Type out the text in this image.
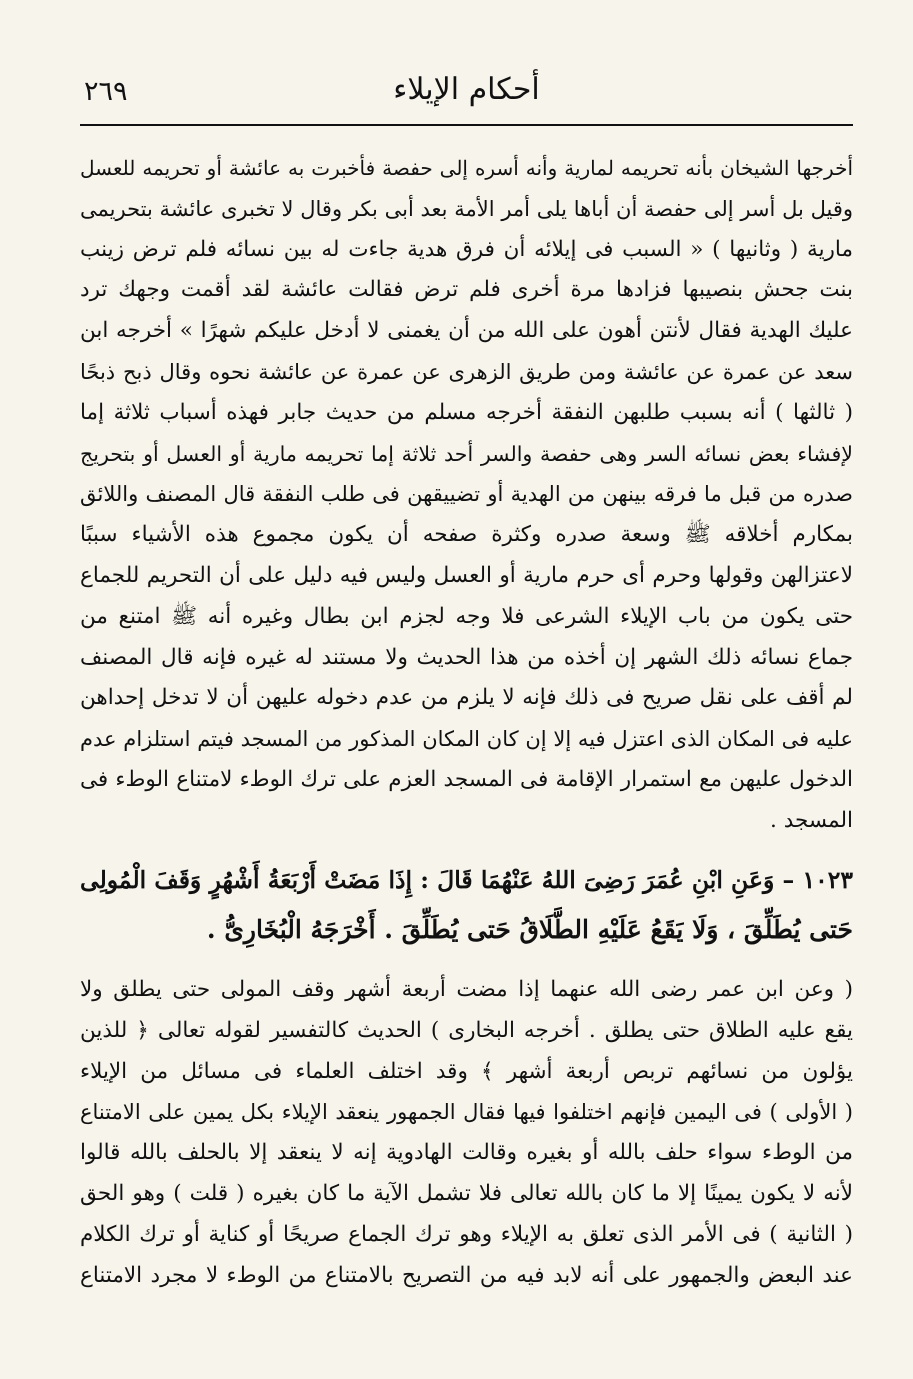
٢٦٩	أحكام الإيلاء
أخرجها الشيخان بأنه تحريمه لمارية وأنه أسره إلى حفصة فأخبرت به عائشة أو تحريمه للعسل
وقيل بل أسر إلى حفصة أن أباها يلى أمر الأمة بعد أبى بكر وقال لا تخبرى عائشة بتحريمى
مارية ( وثانيها ) « السبب فى إيلائه أن فرق هدية جاءت له بين نسائه فلم ترض زينب
بنت جحش بنصيبها فزادها مرة أخرى فلم ترض فقالت عائشة لقد أقمت وجهك ترد
عليك الهدية فقال لأنتن أهون على الله من أن يغمنى لا أدخل عليكم شهرًا » أخرجه ابن
سعد عن عمرة عن عائشة ومن طريق الزهرى عن عمرة عن عائشة نحوه وقال ذبح ذبحًا
( ثالثها ) أنه بسبب طلبهن النفقة أخرجه مسلم من حديث جابر فهذه أسباب ثلاثة إما
لإفشاء بعض نسائه السر وهى حفصة والسر أحد ثلاثة إما تحريمه مارية أو العسل أو بتحريج
صدره من قبل ما فرقه بينهن من الهدية أو تضييقهن فى طلب النفقة قال المصنف واللائق
بمكارم أخلاقه ﷺ وسعة صدره وكثرة صفحه أن يكون مجموع هذه الأشياء سببًا
لاعتزالهن وقولها وحرم أى حرم مارية أو العسل وليس فيه دليل على أن التحريم للجماع
حتى يكون من باب الإيلاء الشرعى فلا وجه لجزم ابن بطال وغيره أنه ﷺ امتنع من
جماع نسائه ذلك الشهر إن أخذه من هذا الحديث ولا مستند له غيره فإنه قال المصنف
لم أقف على نقل صريح فى ذلك فإنه لا يلزم من عدم دخوله عليهن أن لا تدخل إحداهن
عليه فى المكان الذى اعتزل فيه إلا إن كان المكان المذكور من المسجد فيتم استلزام عدم
الدخول عليهن مع استمرار الإقامة فى المسجد العزم على ترك الوطء لامتناع الوطء فى
المسجد .
١٠٢٣ – وَعَنِ ابْنِ عُمَرَ رَضِىَ اللهُ عَنْهُمَا قَالَ : إِذَا مَضَتْ أَرْبَعَةُ أَشْهُرٍ وَقَفَ الْمُولِى
حَتى يُطَلِّقَ ، وَلَا يَقَعُ عَلَيْهِ الطَّلَاقُ حَتى يُطَلِّقَ . أَخْرَجَهُ الْبُخَارِىُّ .
( وعن ابن عمر رضى الله عنهما إذا مضت أربعة أشهر وقف المولى حتى يطلق ولا
يقع عليه الطلاق حتى يطلق . أخرجه البخارى ) الحديث كالتفسير لقوله تعالى ﴿ للذين
يؤلون من نسائهم تربص أربعة أشهر ﴾ وقد اختلف العلماء فى مسائل من الإيلاء
( الأولى ) فى اليمين فإنهم اختلفوا فيها فقال الجمهور ينعقد الإيلاء بكل يمين على الامتناع
من الوطء سواء حلف بالله أو بغيره وقالت الهادوية إنه لا ينعقد إلا بالحلف بالله قالوا
لأنه لا يكون يمينًا إلا ما كان بالله تعالى فلا تشمل الآية ما كان بغيره ( قلت ) وهو الحق
( الثانية ) فى الأمر الذى تعلق به الإيلاء وهو ترك الجماع صريحًا أو كناية أو ترك الكلام
عند البعض والجمهور على أنه لابد فيه من التصريح بالامتناع من الوطء لا مجرد الامتناع
